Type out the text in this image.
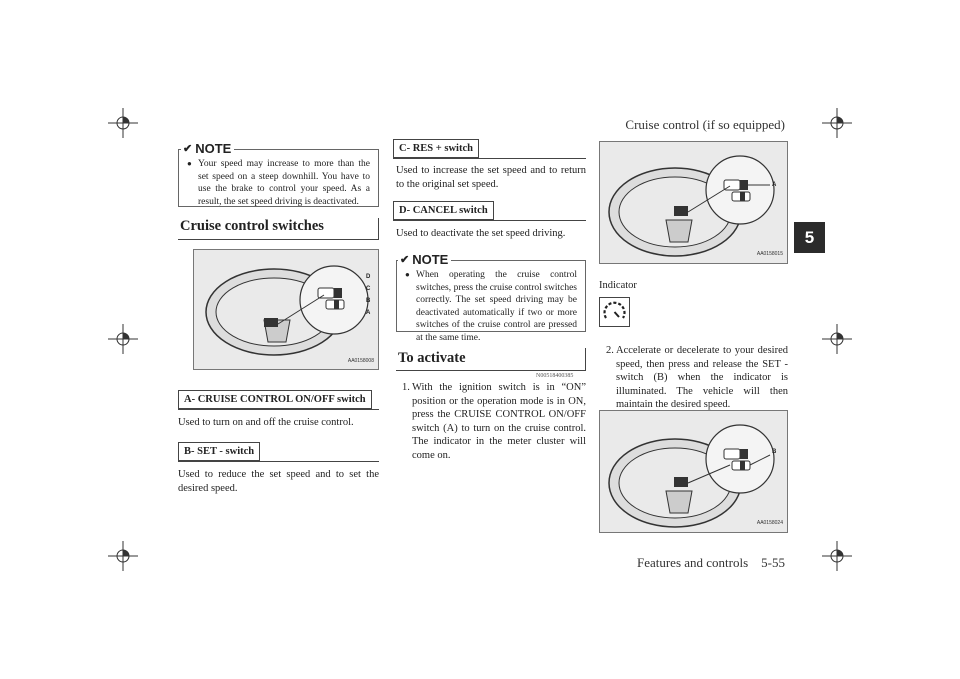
Cruise control (if so equipped)
5
Features and controls    5-55
● Your speed may increase to more than the set speed on a steep downhill. You have to use the brake to control your speed. As a result, the set speed driving is deactivated.
✔ NOTE
Cruise control switches
D
C
B
A
AA0158008
A- CRUISE CONTROL ON/OFF switch
Used to turn on and off the cruise control.
B- SET - switch
Used to reduce the set speed and to set the desired speed.
C- RES + switch
Used to increase the set speed and to return to the original set speed.
D- CANCEL switch
Used to deactivate the set speed driving.
● When operating the cruise control switches, press the cruise control switches correctly. The set speed driving may be deactivated automatically if two or more switches of the cruise control are pressed at the same time.
✔ NOTE
To activate
N00518400385
1. With the ignition switch is in “ON” position or the operation mode is in ON, press the CRUISE CONTROL ON/OFF switch (A) to turn on the cruise control. The indicator in the meter cluster will come on.
A
AA0158015
Indicator
2. Accelerate or decelerate to your desired speed, then press and release the SET - switch (B) when the indicator is illuminated. The vehicle will then maintain the desired speed.
B
AA0158024
